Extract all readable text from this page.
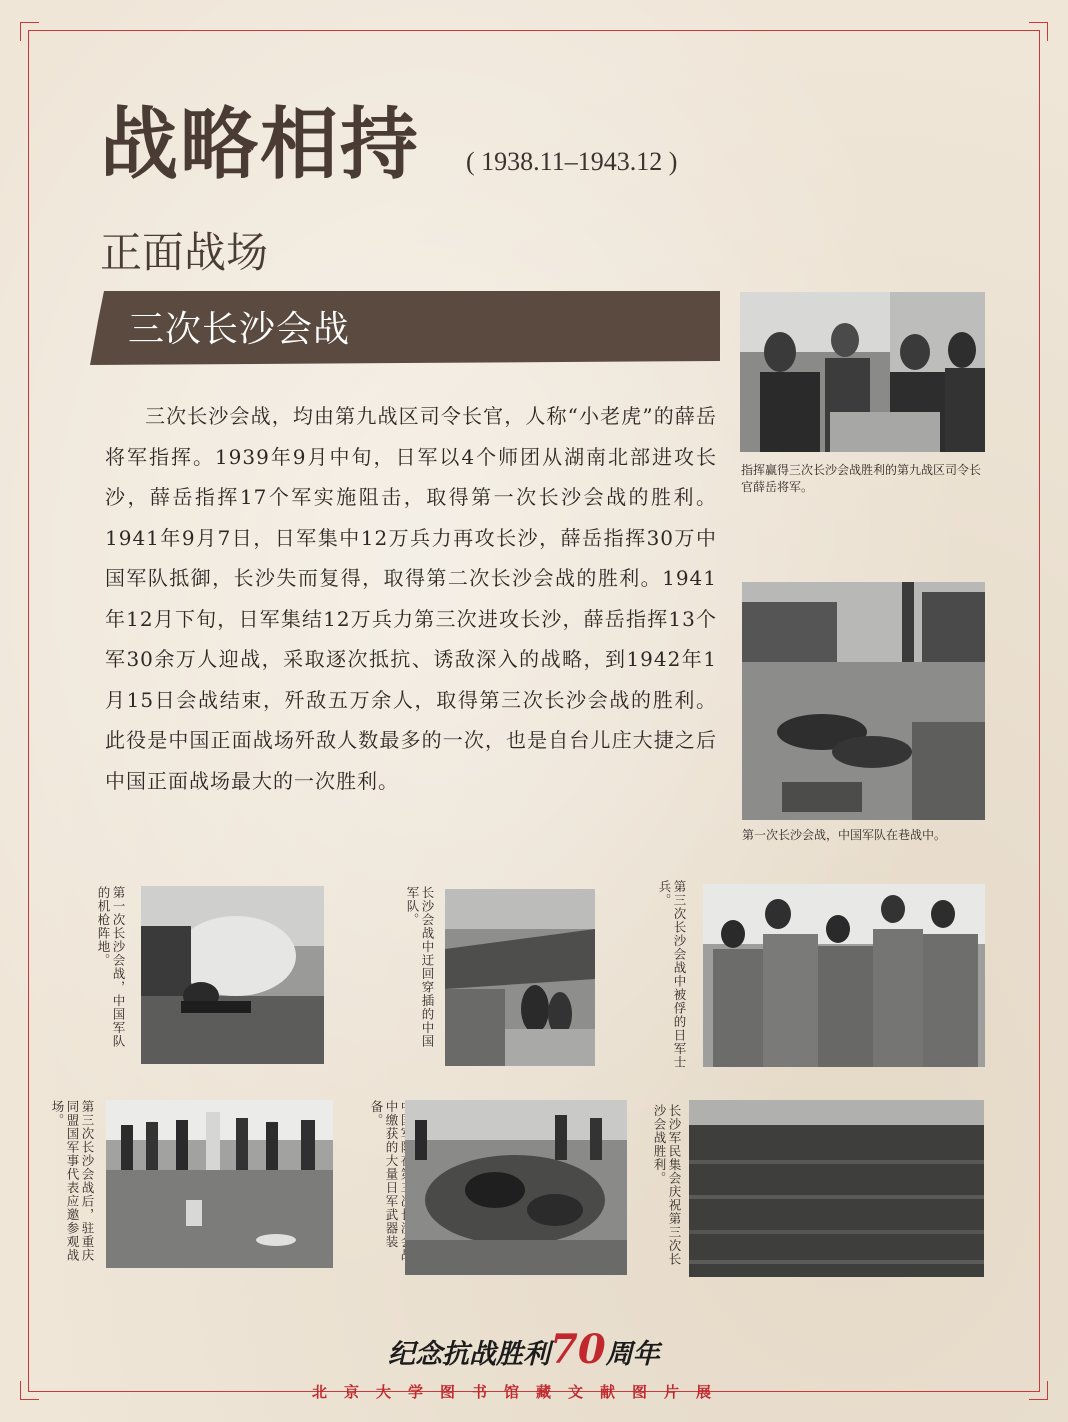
战略相持 ( 1938.11–1943.12 )
正面战场
三次长沙会战
三次长沙会战，均由第九战区司令长官，人称“小老虎”的薛岳将军指挥。1939年9月中旬，日军以4个师团从湖南北部进攻长沙，薛岳指挥17个军实施阻击，取得第一次长沙会战的胜利。1941年9月7日，日军集中12万兵力再攻长沙，薛岳指挥30万中国军队抵御，长沙失而复得，取得第二次长沙会战的胜利。1941年12月下旬，日军集结12万兵力第三次进攻长沙，薛岳指挥13个军30余万人迎战，采取逐次抵抗、诱敌深入的战略，到1942年1月15日会战结束，歼敌五万余人，取得第三次长沙会战的胜利。此役是中国正面战场歼敌人数最多的一次，也是自台儿庄大捷之后中国正面战场最大的一次胜利。
指挥赢得三次长沙会战胜利的第九战区司令长官薛岳将军。
第一次长沙会战，中国军队在巷战中。
第一次长沙会战，中国军队的机枪阵地。	长沙会战中迂回穿插的中国军队。	第三次长沙会战中被俘的日军士兵。
第三次长沙会战后，驻重庆同盟国军事代表应邀参观战场。	中缴获的大量日军武器装备。	长沙军民集会庆祝第三次长沙会战胜利。
纪念抗战胜利70周年
北京大学图书馆藏文献图片展
